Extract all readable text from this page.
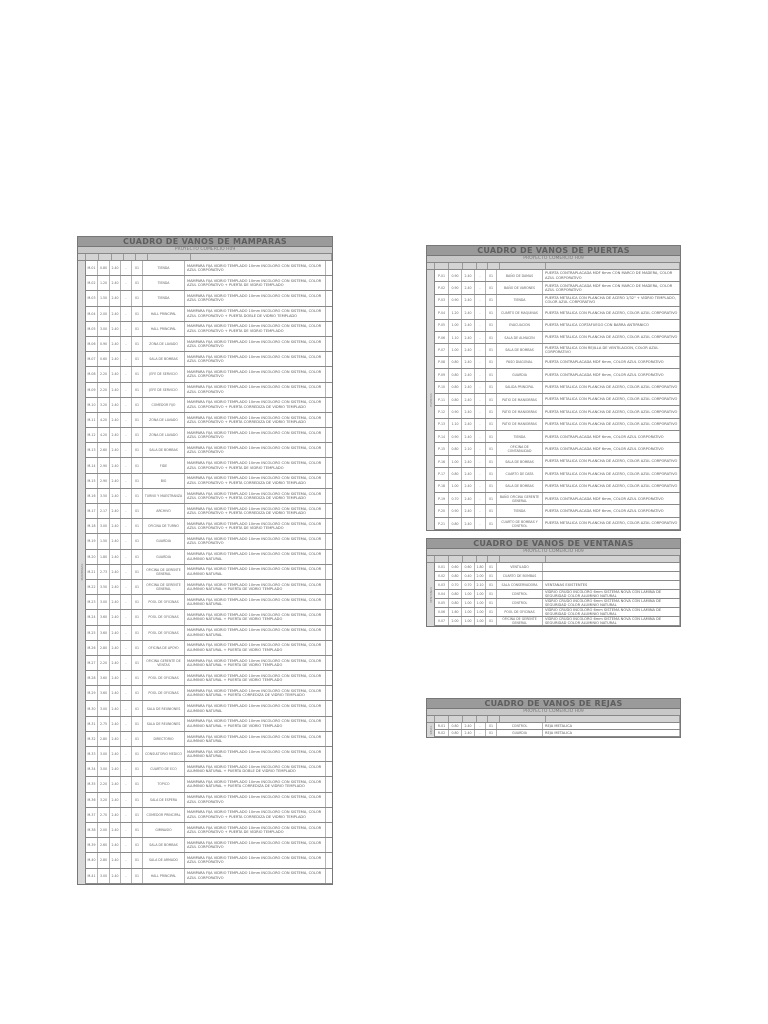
CUADRO DE VANOS DE MAMPARAS
PROYECTO COMERCIO H09
MAMPARAS
M-01	0.80	2.40	-	01	TIENDA
MAMPARA FIJA VIDRIO TEMPLADO 10mm INCOLORO CON SISTEMA, COLOR AZUL CORPORATIVO
M-02	1.20	2.40	-	01	TIENDA
MAMPARA FIJA VIDRIO TEMPLADO 10mm INCOLORO CON SISTEMA, COLOR AZUL CORPORATIVO + PUERTA DE VIDRIO TEMPLADO
M-03	1.50	2.40	-	01	TIENDA
MAMPARA FIJA VIDRIO TEMPLADO 10mm INCOLORO CON SISTEMA, COLOR AZUL CORPORATIVO
M-04	2.00	2.40	-	01	HALL PRINCIPAL
MAMPARA FIJA VIDRIO TEMPLADO 10mm INCOLORO CON SISTEMA, COLOR AZUL CORPORATIVO + PUERTA DOBLE DE VIDRIO TEMPLADO
M-05	3.00	2.40	-	01	HALL PRINCIPAL
MAMPARA FIJA VIDRIO TEMPLADO 10mm INCOLORO CON SISTEMA, COLOR AZUL CORPORATIVO + PUERTA DE VIDRIO TEMPLADO
M-06	0.90	2.40	-	01	ZONA DE LAVADO
MAMPARA FIJA VIDRIO TEMPLADO 10mm INCOLORO CON SISTEMA, COLOR AZUL CORPORATIVO
M-07	0.60	2.40	-	01	SALA DE BOMBAS
MAMPARA FIJA VIDRIO TEMPLADO 10mm INCOLORO CON SISTEMA, COLOR AZUL CORPORATIVO
M-08	2.20	2.40	-	01	JEFE DE SERVICIO
MAMPARA FIJA VIDRIO TEMPLADO 10mm INCOLORO CON SISTEMA, COLOR AZUL CORPORATIVO
M-09	2.20	2.40	-	01	JEFE DE SERVICIO
MAMPARA FIJA VIDRIO TEMPLADO 10mm INCOLORO CON SISTEMA, COLOR AZUL CORPORATIVO
M-10	3.20	2.40	-	01	COMEDOR FIJO
MAMPARA FIJA VIDRIO TEMPLADO 10mm INCOLORO CON SISTEMA, COLOR AZUL CORPORATIVO + PUERTA CORREDIZA DE VIDRIO TEMPLADO
M-11	4.20	2.40	-	01	ZONA DE LAVADO
MAMPARA FIJA VIDRIO TEMPLADO 10mm INCOLORO CON SISTEMA, COLOR AZUL CORPORATIVO + PUERTA CORREDIZA DE VIDRIO TEMPLADO
M-12	4.20	2.40	-	01	ZONA DE LAVADO
MAMPARA FIJA VIDRIO TEMPLADO 10mm INCOLORO CON SISTEMA, COLOR AZUL CORPORATIVO
M-13	2.60	2.40	-	01	SALA DE BOMBAS
MAMPARA FIJA VIDRIO TEMPLADO 10mm INCOLORO CON SISTEMA, COLOR AZUL CORPORATIVO
M-14	2.90	2.40	-	01	FIDE
MAMPARA FIJA VIDRIO TEMPLADO 10mm INCOLORO CON SISTEMA, COLOR AZUL CORPORATIVO + PUERTA DE VIDRIO TEMPLADO
M-15	2.90	2.40	-	01	BIG
MAMPARA FIJA VIDRIO TEMPLADO 10mm INCOLORO CON SISTEMA, COLOR AZUL CORPORATIVO + PUERTA CORREDIZA DE VIDRIO TEMPLADO
M-16	3.50	2.40	-	01	TURNO Y MAESTRANZA
MAMPARA FIJA VIDRIO TEMPLADO 10mm INCOLORO CON SISTEMA, COLOR AZUL CORPORATIVO + PUERTA CORREDIZA DE VIDRIO TEMPLADO
M-17	2.17	2.40	-	01	ARCHIVO
MAMPARA FIJA VIDRIO TEMPLADO 10mm INCOLORO CON SISTEMA, COLOR AZUL CORPORATIVO + PUERTA CORREDIZA DE VIDRIO TEMPLADO
M-18	3.00	2.40	-	01	OFICINA DE TURNO
MAMPARA FIJA VIDRIO TEMPLADO 10mm INCOLORO CON SISTEMA, COLOR AZUL CORPORATIVO + PUERTA DE VIDRIO TEMPLADO
M-19	1.50	2.40	-	01	GUARDIA
MAMPARA FIJA VIDRIO TEMPLADO 10mm INCOLORO CON SISTEMA, COLOR AZUL CORPORATIVO
M-20	1.80	2.40	-	01	GUARDIA
MAMPARA FIJA VIDRIO TEMPLADO 10mm INCOLORO CON SISTEMA, COLOR ALUMINIO NATURAL
M-21	2.73	2.40	-	01	OFICINA DE GERENTE GENERAL
MAMPARA FIJA VIDRIO TEMPLADO 10mm INCOLORO CON SISTEMA, COLOR ALUMINIO NATURAL
M-22	3.50	2.40	-	01	OFICINA DE GERENTE GENERAL
MAMPARA FIJA VIDRIO TEMPLADO 10mm INCOLORO CON SISTEMA, COLOR ALUMINIO NATURAL + PUERTA DE VIDRIO TEMPLADO
M-23	3.00	2.40	-	01	POOL DE OFICINAS
MAMPARA FIJA VIDRIO TEMPLADO 10mm INCOLORO CON SISTEMA, COLOR ALUMINIO NATURAL
M-24	3.60	2.40	-	01	POOL DE OFICINAS
MAMPARA FIJA VIDRIO TEMPLADO 10mm INCOLORO CON SISTEMA, COLOR ALUMINIO NATURAL + PUERTA DE VIDRIO TEMPLADO
M-25	3.60	2.40	-	01	POOL DE OFICINAS
MAMPARA FIJA VIDRIO TEMPLADO 10mm INCOLORO CON SISTEMA, COLOR ALUMINIO NATURAL
M-26	2.80	2.40	-	01	OFICINA DE APOYO
MAMPARA FIJA VIDRIO TEMPLADO 10mm INCOLORO CON SISTEMA, COLOR ALUMINIO NATURAL + PUERTA DE VIDRIO TEMPLADO
M-27	2.20	2.40	-	01	OFICINA GERENTE DE VENTAS
MAMPARA FIJA VIDRIO TEMPLADO 10mm INCOLORO CON SISTEMA, COLOR ALUMINIO NATURAL + PUERTA DE VIDRIO TEMPLADO
M-28	3.60	2.40	-	01	POOL DE OFICINAS
MAMPARA FIJA VIDRIO TEMPLADO 10mm INCOLORO CON SISTEMA, COLOR ALUMINIO NATURAL + PUERTA DE VIDRIO TEMPLADO
M-29	3.60	2.40	-	01	POOL DE OFICINAS
MAMPARA FIJA VIDRIO TEMPLADO 10mm INCOLORO CON SISTEMA, COLOR ALUMINIO NATURAL + PUERTA CORREDIZA DE VIDRIO TEMPLADO
M-30	3.00	2.40	-	01	SALA DE REUNIONES
MAMPARA FIJA VIDRIO TEMPLADO 10mm INCOLORO CON SISTEMA, COLOR ALUMINIO NATURAL
M-31	2.75	2.40	-	01	SALA DE REUNIONES
MAMPARA FIJA VIDRIO TEMPLADO 10mm INCOLORO CON SISTEMA, COLOR ALUMINIO NATURAL + PUERTA DE VIDRIO TEMPLADO
M-32	2.80	2.40	-	01	DIRECTORIO
MAMPARA FIJA VIDRIO TEMPLADO 10mm INCOLORO CON SISTEMA, COLOR ALUMINIO NATURAL
M-33	3.00	2.40	-	01	CONSULTORIO MEDICO
MAMPARA FIJA VIDRIO TEMPLADO 10mm INCOLORO CON SISTEMA, COLOR ALUMINIO NATURAL
M-34	3.00	2.40	-	01	CUARTO DE ECO
MAMPARA FIJA VIDRIO TEMPLADO 10mm INCOLORO CON SISTEMA, COLOR ALUMINIO NATURAL + PUERTA DOBLE DE VIDRIO TEMPLADO
M-35	2.20	2.40	-	01	TOPICO
MAMPARA FIJA VIDRIO TEMPLADO 10mm INCOLORO CON SISTEMA, COLOR ALUMINIO NATURAL + PUERTA CORREDIZA DE VIDRIO TEMPLADO
M-36	3.20	2.40	-	01	SALA DE ESPERA
MAMPARA FIJA VIDRIO TEMPLADO 10mm INCOLORO CON SISTEMA, COLOR AZUL CORPORATIVO
M-37	2.70	2.40	-	01	COMEDOR PRINCIPAL
MAMPARA FIJA VIDRIO TEMPLADO 10mm INCOLORO CON SISTEMA, COLOR AZUL CORPORATIVO + PUERTA CORREDIZA DE VIDRIO TEMPLADO
M-38	2.00	2.40	-	01	GIMNASIO
MAMPARA FIJA VIDRIO TEMPLADO 10mm INCOLORO CON SISTEMA, COLOR AZUL CORPORATIVO + PUERTA DE VIDRIO TEMPLADO
M-39	2.60	2.40	-	01	SALA DE BOMBAS
MAMPARA FIJA VIDRIO TEMPLADO 10mm INCOLORO CON SISTEMA, COLOR AZUL CORPORATIVO
M-40	2.80	2.40	-	01	SALA DE ARMADO
MAMPARA FIJA VIDRIO TEMPLADO 10mm INCOLORO CON SISTEMA, COLOR AZUL CORPORATIVO
M-41	3.00	2.40	-	01	HALL PRINCIPAL
MAMPARA FIJA VIDRIO TEMPLADO 10mm INCOLORO CON SISTEMA, COLOR AZUL CORPORATIVO
CUADRO DE VANOS DE PUERTAS
PROYECTO COMERCIO H09
PUERTAS
P-01	0.90	2.40	-	01	BAÑO DE DAMAS
PUERTA CONTRAPLACADA MDF 6mm CON MARCO DE MADERA, COLOR AZUL CORPORATIVO
P-02	0.90	2.40	-	01	BAÑO DE VARONES
PUERTA CONTRAPLACADA MDF 6mm CON MARCO DE MADERA, COLOR AZUL CORPORATIVO
P-03	0.90	2.40	-	01	TIENDA
PUERTA METALICA CON PLANCHA DE ACERO 1/32" + VIDRIO TEMPLADO, COLOR AZUL CORPORATIVO
P-04	1.20	2.40	-	01	CUARTO DE MAQUINAS	PUERTA METALICA CON PLANCHA DE ACERO, COLOR AZUL CORPORATIVO
P-05	1.00	2.40	-	01	EVACUACION	PUERTA METALICA CORTAFUEGO CON BARRA ANTIPANICO
P-06	1.10	2.40	-	01	SALA DE ALMACEN	PUERTA METALICA CON PLANCHA DE ACERO, COLOR AZUL CORPORATIVO
P-07	1.00	2.40	-	01	SALA DE BOMBAS
PUERTA METALICA CON REJILLA DE VENTILACION, COLOR AZUL CORPORATIVO
P-08	0.80	2.40	-	01	PASO DIAGONAL	PUERTA CONTRAPLACADA MDF 6mm, COLOR AZUL CORPORATIVO
P-09	0.80	2.40	-	01	GUARDIA	PUERTA CONTRAPLACADA MDF 6mm, COLOR AZUL CORPORATIVO
P-10	0.80	2.40	-	01	SALIDA PRINCIPAL	PUERTA METALICA CON PLANCHA DE ACERO, COLOR AZUL CORPORATIVO
P-11	0.80	2.40	-	01	PATIO DE MANIOBRAS	PUERTA METALICA CON PLANCHA DE ACERO, COLOR AZUL CORPORATIVO
P-12	0.90	2.40	-	01	PATIO DE MANIOBRAS	PUERTA METALICA CON PLANCHA DE ACERO, COLOR AZUL CORPORATIVO
P-13	1.10	2.40	-	01	PATIO DE MANIOBRAS	PUERTA METALICA CON PLANCHA DE ACERO, COLOR AZUL CORPORATIVO
P-14	0.90	2.40	-	01	TIENDA	PUERTA CONTRAPLACADA MDF 6mm, COLOR AZUL CORPORATIVO
P-15	0.80	2.10	-	01	OFICINA DE CONTABILIDAD
PUERTA CONTRAPLACADA MDF 6mm, COLOR AZUL CORPORATIVO
P-16	1.00	2.40	-	01	SALA DE BOMBAS	PUERTA METALICA CON PLANCHA DE ACERO, COLOR AZUL CORPORATIVO
P-17	0.80	2.40	-	01	CUARTO DE DATA	PUERTA METALICA CON PLANCHA DE ACERO, COLOR AZUL CORPORATIVO
P-18	1.00	2.40	-	01	SALA DE BOMBAS	PUERTA METALICA CON PLANCHA DE ACERO, COLOR AZUL CORPORATIVO
P-19	0.70	2.40	-	01	BAÑO OFICINA GERENTE GENERAL
PUERTA CONTRAPLACADA MDF 6mm, COLOR AZUL CORPORATIVO
P-20	0.90	2.40	-	01	TIENDA	PUERTA CONTRAPLACADA MDF 6mm, COLOR AZUL CORPORATIVO
P-21	0.80	2.40	-	01	CUARTO DE BOMBAS Y CONTROL
PUERTA METALICA CON PLANCHA DE ACERO, COLOR AZUL CORPORATIVO
CUADRO DE VANOS DE VENTANAS
PROYECTO COMERCIO H09
VENTANAS
V-01	0.60	0.60	1.80	01	VENTILADO
V-02	0.80	0.40	2.00	01	CUARTO DE BOMBAS
V-03	0.70	0.70	2.10	01	SALA CONSERVADORA	VENTANAS EXISTENTES
V-04	0.80	1.00	1.00	01	CONTROL
VIDRIO CRUDO INCOLORO 6mm SISTEMA NOVA CON LAMINA DE SEGURIDAD COLOR ALUMINIO NATURAL
V-05	0.80	1.00	1.00	01	CONTROL
VIDRIO CRUDO INCOLORO 6mm SISTEMA NOVA CON LAMINA DE SEGURIDAD COLOR ALUMINIO NATURAL
V-06	1.60	1.00	1.00	01	POOL DE OFICINAS
VIDRIO CRUDO INCOLORO 6mm SISTEMA NOVA CON LAMINA DE SEGURIDAD COLOR ALUMINIO NATURAL
V-07	2.00	1.00	1.00	01	OFICINA DE GERENTE GENERAL
VIDRIO CRUDO INCOLORO 6mm SISTEMA NOVA CON LAMINA DE SEGURIDAD COLOR ALUMINIO NATURAL
CUADRO DE VANOS DE REJAS
PROYECTO COMERCIO H09
REJAS	R-01	0.80	2.40	-	01	CONTROL	REJA METALICA
R-02	0.80	2.40	-	01	GUARDIA	REJA METALICA
